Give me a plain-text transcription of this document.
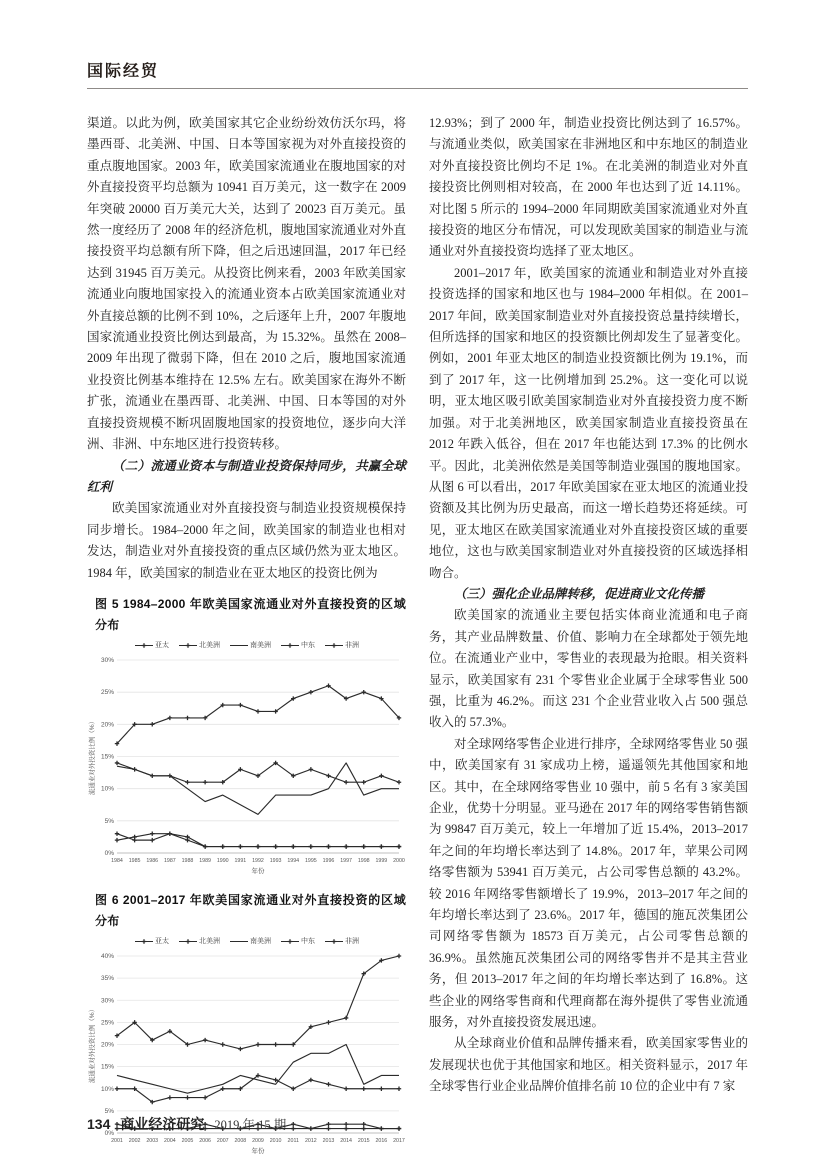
国际经贸

渠道。以此为例，欧美国家其它企业纷纷效仿沃尔玛，将墨西哥、北美洲、中国、日本等国家视为对外直接投资的重点腹地国家。2003 年，欧美国家流通业在腹地国家的对外直接投资平均总额为 10941 百万美元，这一数字在 2009 年突破 20000 百万美元大关，达到了 20023 百万美元。虽然一度经历了 2008 年的经济危机，腹地国家流通业对外直接投资平均总额有所下降，但之后迅速回温，2017 年已经达到 31945 百万美元。从投资比例来看，2003 年欧美国家流通业向腹地国家投入的流通业资本占欧美国家流通业对外直接总额的比例不到 10%，之后逐年上升，2007 年腹地国家流通业投资比例达到最高，为 15.32%。虽然在 2008–2009 年出现了微弱下降，但在 2010 之后，腹地国家流通业投资比例基本维持在 12.5% 左右。欧美国家在海外不断扩张，流通业在墨西哥、北美洲、中国、日本等国的对外直接投资规模不断巩固腹地国家的投资地位，逐步向大洋洲、非洲、中东地区进行投资转移。

（二）流通业资本与制造业投资保持同步，共赢全球红利

欧美国家流通业对外直接投资与制造业投资规模保持同步增长。1984–2000 年之间，欧美国家的制造业也相对发达，制造业对外直接投资的重点区域仍然为亚太地区。1984 年，欧美国家的制造业在亚太地区的投资比例为

图 5 1984–2000 年欧美国家流通业对外直接投资的区域分布
亚太	北美洲	南美洲	中东	非洲
0%
5%
10%
15%
20%
25%
30%
1984 1985 1986 1987 1988 1989 1990 1991 1992 1993 1994 1995 1996 1997 1998 1999 2000
年份
流通业对外投资比例（%）
图 6 2001–2017 年欧美国家流通业对外直接投资的区域分布
亚太	北美洲	南美洲	中东	非洲
0%
5%
10%
15%
20%
25%
30%
35%
40%
2001 2002 2003 2004 2005 2006 2007 2008 2009 2010 2011 2012 2013 2014 2015 2016 2017
年份
流通业对外投资比例（%）

12.93%；到了 2000 年，制造业投资比例达到了 16.57%。与流通业类似，欧美国家在非洲地区和中东地区的制造业对外直接投资比例均不足 1%。在北美洲的制造业对外直接投资比例则相对较高，在 2000 年也达到了近 14.11%。对比图 5 所示的 1994–2000 年同期欧美国家流通业对外直接投资的地区分布情况，可以发现欧美国家的制造业与流通业对外直接投资均选择了亚太地区。

2001–2017 年，欧美国家的流通业和制造业对外直接投资选择的国家和地区也与 1984–2000 年相似。在 2001–2017 年间，欧美国家制造业对外直接投资总量持续增长，但所选择的国家和地区的投资额比例却发生了显著变化。例如，2001 年亚太地区的制造业投资额比例为 19.1%，而到了 2017 年，这一比例增加到 25.2%。这一变化可以说明，亚太地区吸引欧美国家制造业对外直接投资力度不断加强。对于北美洲地区，欧美国家制造业直接投资虽在 2012 年跌入低谷，但在 2017 年也能达到 17.3% 的比例水平。因此，北美洲依然是美国等制造业强国的腹地国家。从图 6 可以看出，2017 年欧美国家在亚太地区的流通业投资额及其比例为历史最高，而这一增长趋势还将延续。可见，亚太地区在欧美国家流通业对外直接投资区域的重要地位，这也与欧美国家制造业对外直接投资的区域选择相吻合。

（三）强化企业品牌转移，促进商业文化传播

欧美国家的流通业主要包括实体商业流通和电子商务，其产业品牌数量、价值、影响力在全球都处于领先地位。在流通业产业中，零售业的表现最为抢眼。相关资料显示，欧美国家有 231 个零售业企业属于全球零售业 500 强，比重为 46.2%。而这 231 个企业营业收入占 500 强总收入的 57.3%。

对全球网络零售企业进行排序，全球网络零售业 50 强中，欧美国家有 31 家成功上榜，遥遥领先其他国家和地区。其中，在全球网络零售业 10 强中，前 5 名有 3 家美国企业，优势十分明显。亚马逊在 2017 年的网络零售销售额为 99847 百万美元，较上一年增加了近 15.4%，2013–2017 年之间的年均增长率达到了 14.8%。2017 年，苹果公司网络零售额为 53941 百万美元，占公司零售总额的 43.2%。较 2016 年网络零售额增长了 19.9%，2013–2017 年之间的年均增长率达到了 23.6%。2017 年，德国的施瓦茨集团公司网络零售额为 18573 百万美元，占公司零售总额的 36.9%。虽然施瓦茨集团公司的网络零售并不是其主营业务，但 2013–2017 年之间的年均增长率达到了 16.8%。这些企业的网络零售商和代理商都在海外提供了零售业流通服务，对外直接投资发展迅速。

从全球商业价值和品牌传播来看，欧美国家零售业的发展现状也优于其他国家和地区。相关资料显示，2017 年全球零售行业企业品牌价值排名前 10 位的企业中有 7 家

134 商业经济研究 2019 年 15 期
